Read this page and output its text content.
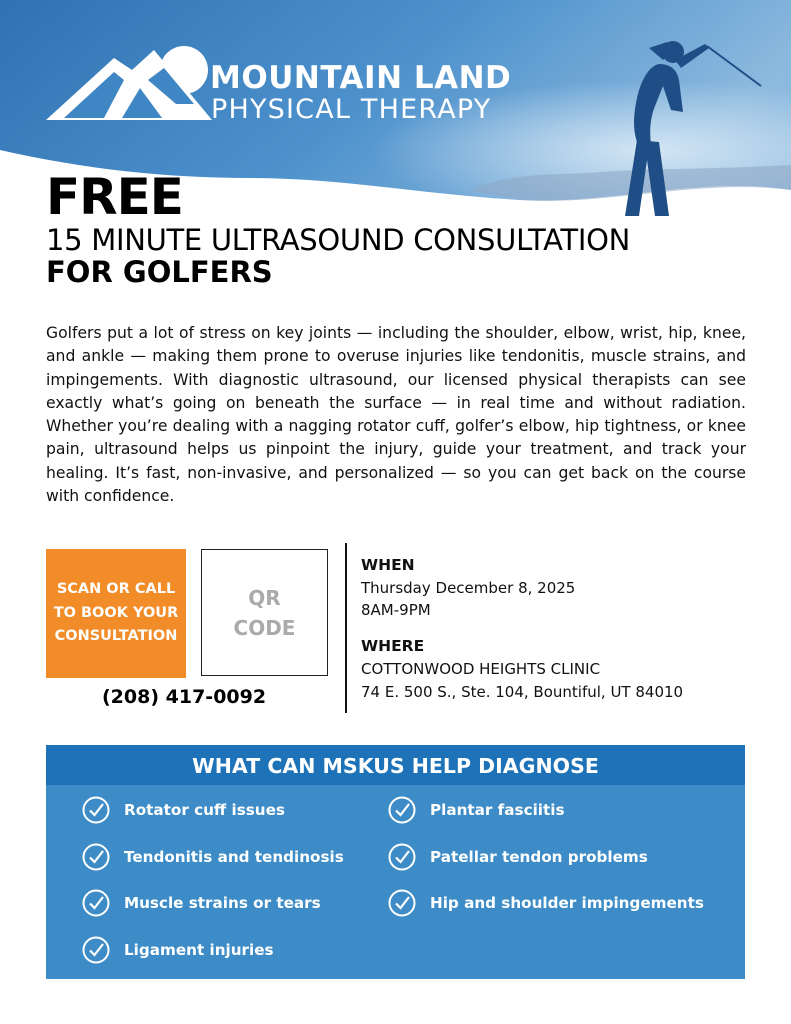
MOUNTAIN LAND
PHYSICAL THERAPY
FREE
15 MINUTE ULTRASOUND CONSULTATION
FOR GOLFERS
Golfers put a lot of stress on key joints — including the shoulder, elbow, wrist, hip, knee, and ankle — making them prone to overuse injuries like tendonitis, muscle strains, and impingements. With diagnostic ultrasound, our licensed physical therapists can see exactly what’s going on beneath the surface — in real time and without radiation. Whether you’re dealing with a nagging rotator cuff, golfer’s elbow, hip tightness, or knee pain, ultrasound helps us pinpoint the injury, guide your treatment, and track your healing. It’s fast, non-invasive, and personalized — so you can get back on the course with confidence.
SCAN OR CALL TO BOOK YOUR CONSULTATION
QR CODE
(208) 417-0092
WHEN
Thursday December 8, 2025
8AM-9PM
WHERE
COTTONWOOD HEIGHTS CLINIC
74 E. 500 S., Ste. 104, Bountiful, UT 84010
WHAT CAN MSKUS HELP DIAGNOSE
Rotator cuff issues
Tendonitis and tendinosis
Muscle strains or tears
Ligament injuries
Plantar fasciitis
Patellar tendon problems
Hip and shoulder impingements
